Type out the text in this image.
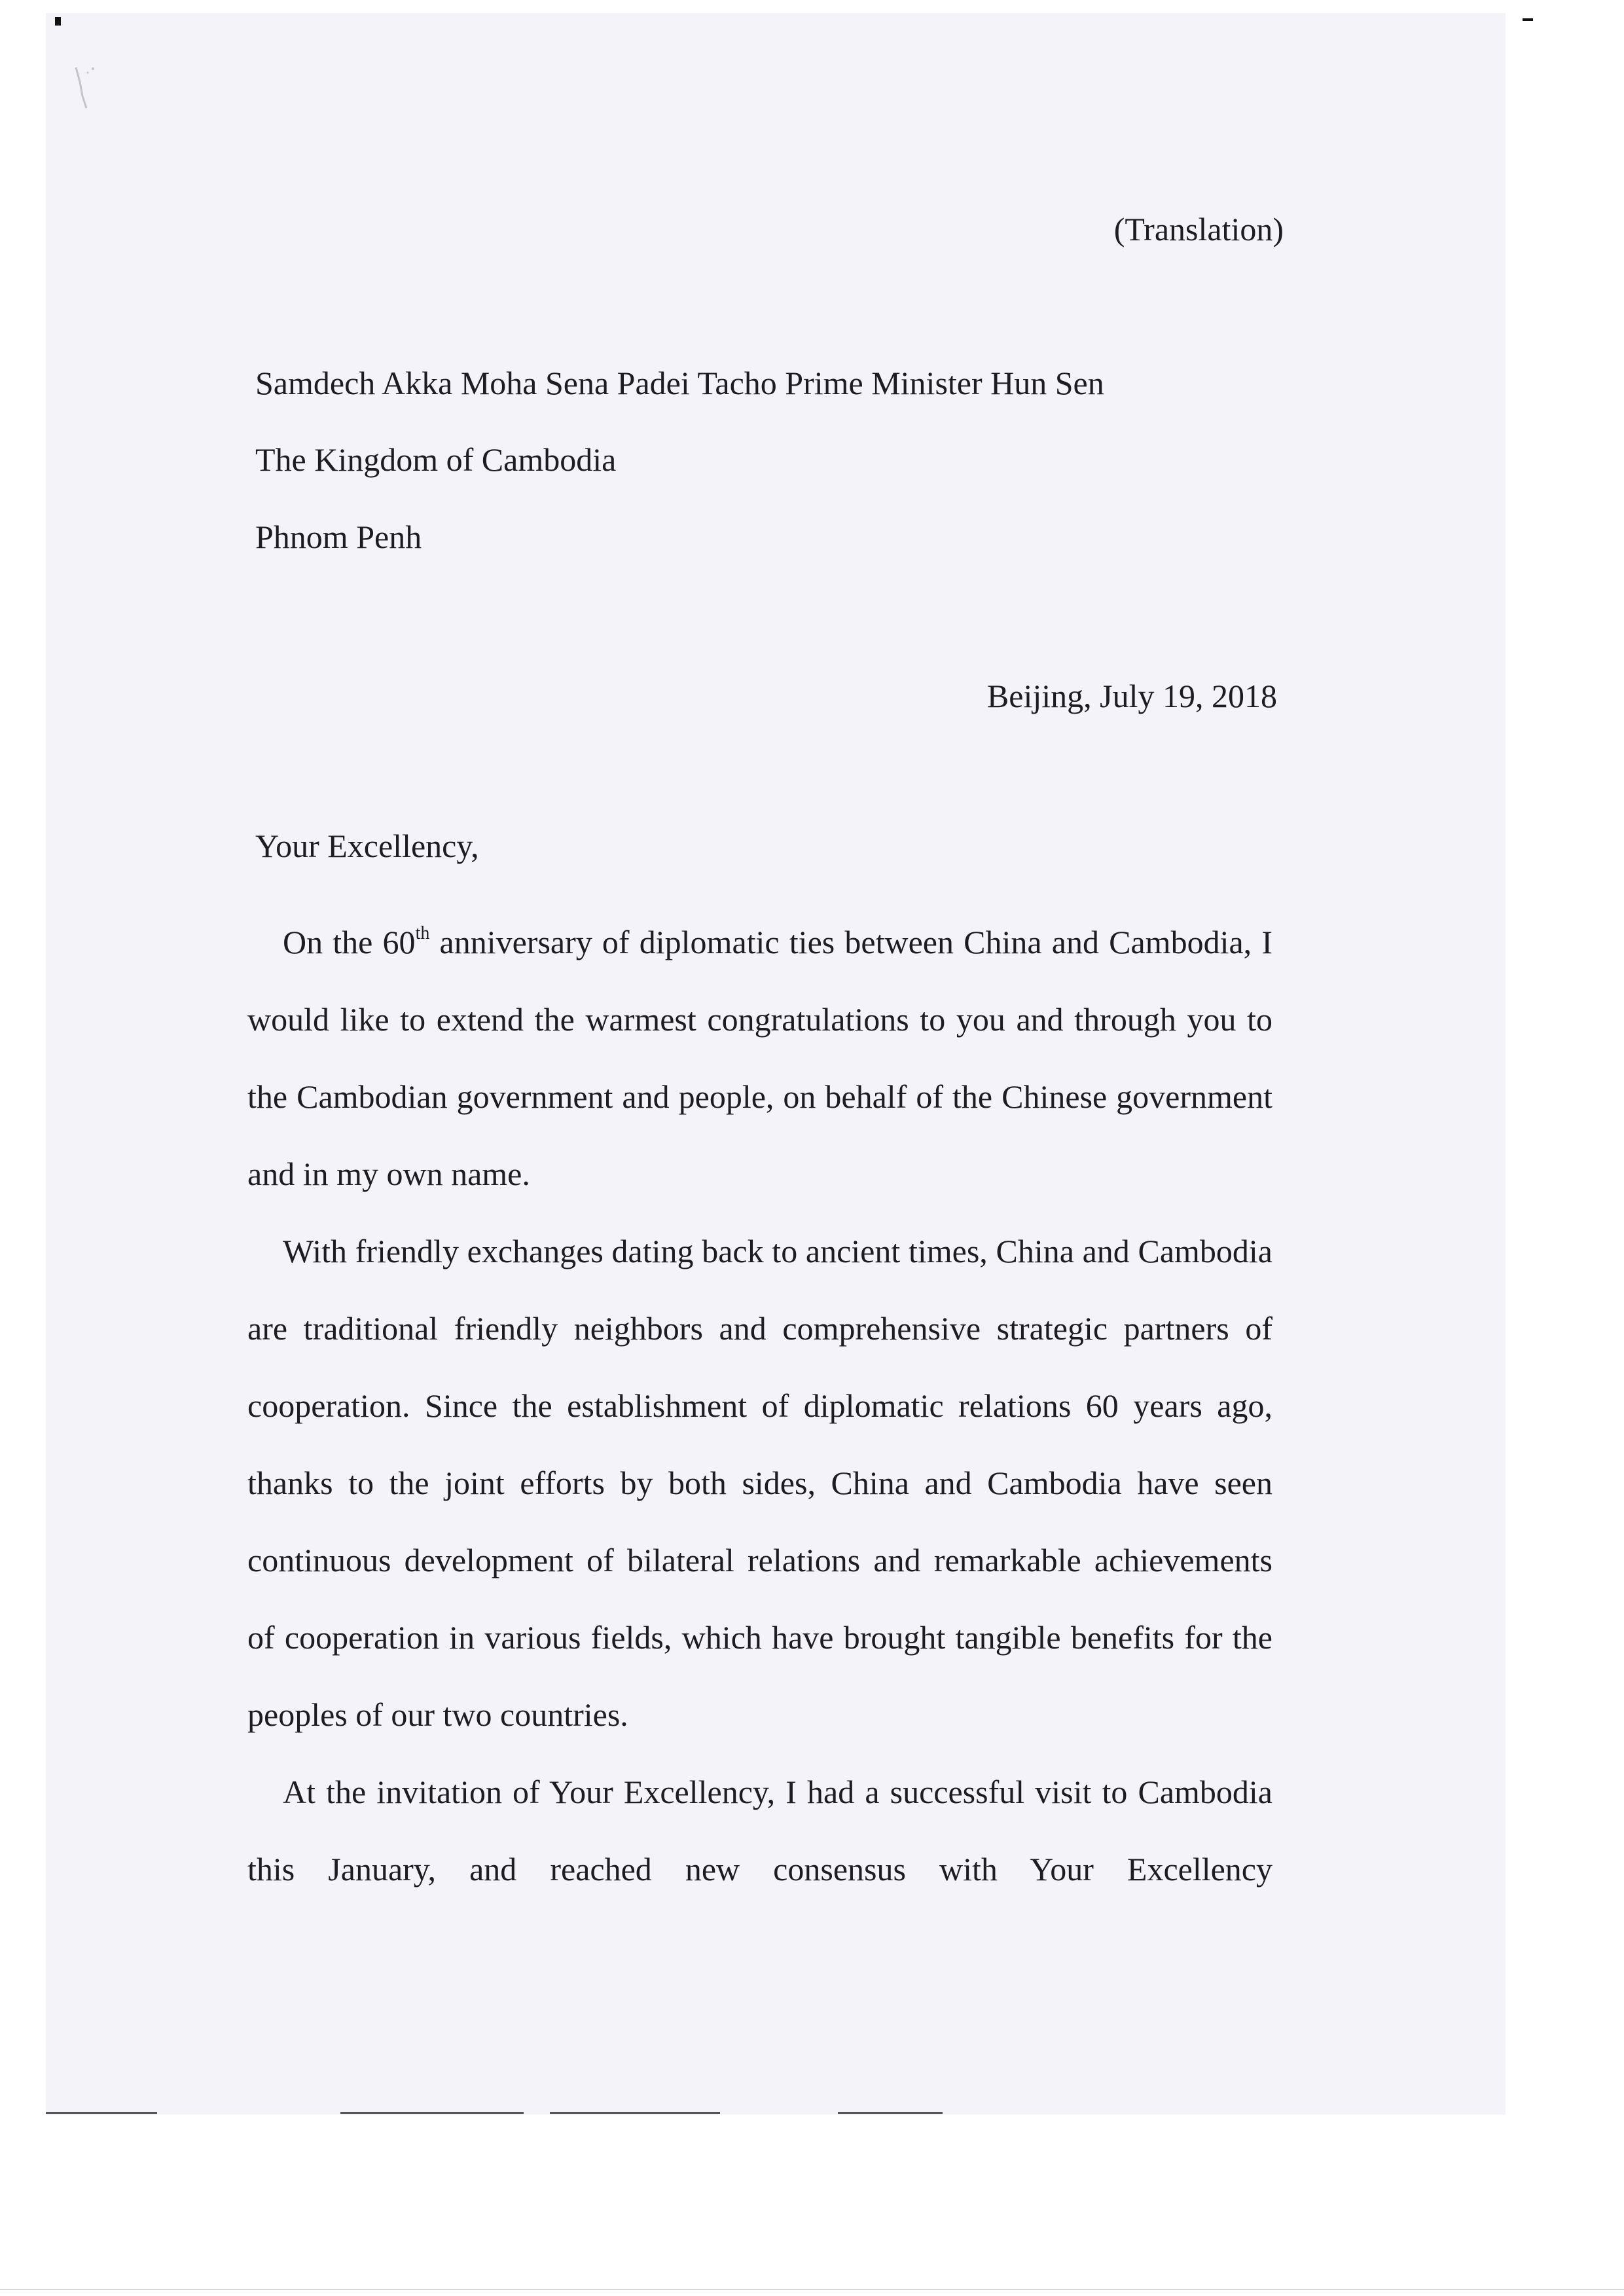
(Translation)
Samdech Akka Moha Sena Padei Tacho Prime Minister Hun Sen
The Kingdom of Cambodia
Phnom Penh
Beijing, July 19, 2018
Your Excellency,

On the 60th anniversary of diplomatic ties between China and Cambodia, I would like to extend the warmest congratulations to you and through you to the Cambodian government and people, on behalf of the Chinese government and in my own name.

With friendly exchanges dating back to ancient times, China and Cambodia are traditional friendly neighbors and comprehensive strategic partners of cooperation. Since the establishment of diplomatic relations 60 years ago, thanks to the joint efforts by both sides, China and Cambodia have seen continuous development of bilateral relations and remarkable achievements of cooperation in various fields, which have brought tangible benefits for the peoples of our two countries.

At the invitation of Your Excellency, I had a successful visit to Cambodia this January, and reached new consensus with Your Excellency
